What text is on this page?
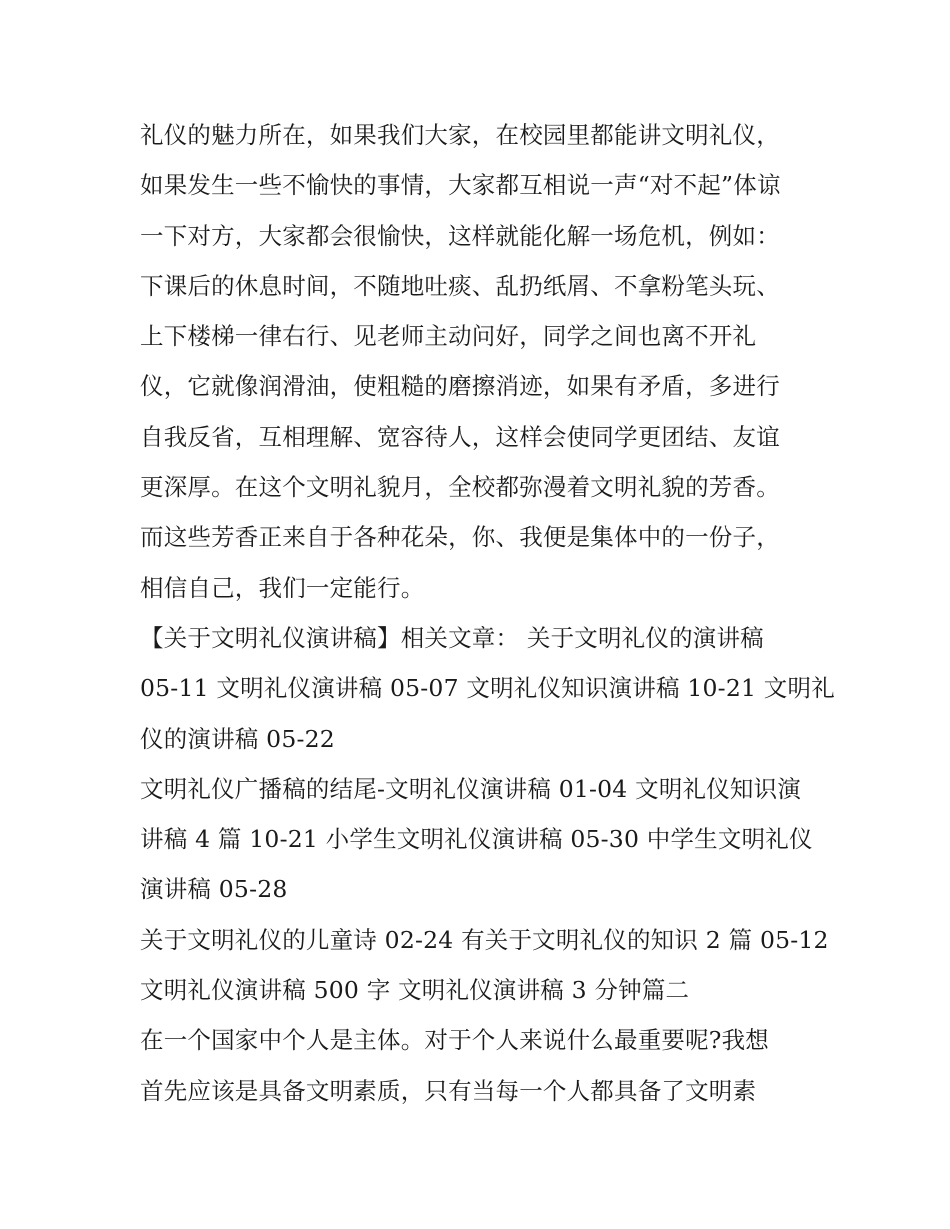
礼仪的魅力所在，如果我们大家，在校园里都能讲文明礼仪，
如果发生一些不愉快的事情，大家都互相说一声“对不起”体谅
一下对方，大家都会很愉快，这样就能化解一场危机，例如：
下课后的休息时间，不随地吐痰、乱扔纸屑、不拿粉笔头玩、
上下楼梯一律右行、见老师主动问好，同学之间也离不开礼
仪，它就像润滑油，使粗糙的磨擦消迹，如果有矛盾，多进行
自我反省，互相理解、宽容待人，这样会使同学更团结、友谊
更深厚。在这个文明礼貌月，全校都弥漫着文明礼貌的芳香。
而这些芳香正来自于各种花朵，你、我便是集体中的一份子，
相信自己，我们一定能行。
【关于文明礼仪演讲稿】相关文章： 关于文明礼仪的演讲稿
05-11 文明礼仪演讲稿 05-07 文明礼仪知识演讲稿 10-21 文明礼
仪的演讲稿 05-22
文明礼仪广播稿的结尾-文明礼仪演讲稿 01-04 文明礼仪知识演
讲稿 4 篇 10-21 小学生文明礼仪演讲稿 05-30 中学生文明礼仪
演讲稿 05-28
关于文明礼仪的儿童诗 02-24 有关于文明礼仪的知识 2 篇 05-12
文明礼仪演讲稿 500 字 文明礼仪演讲稿 3 分钟篇二
在一个国家中个人是主体。对于个人来说什么最重要呢?我想
首先应该是具备文明素质，只有当每一个人都具备了文明素
